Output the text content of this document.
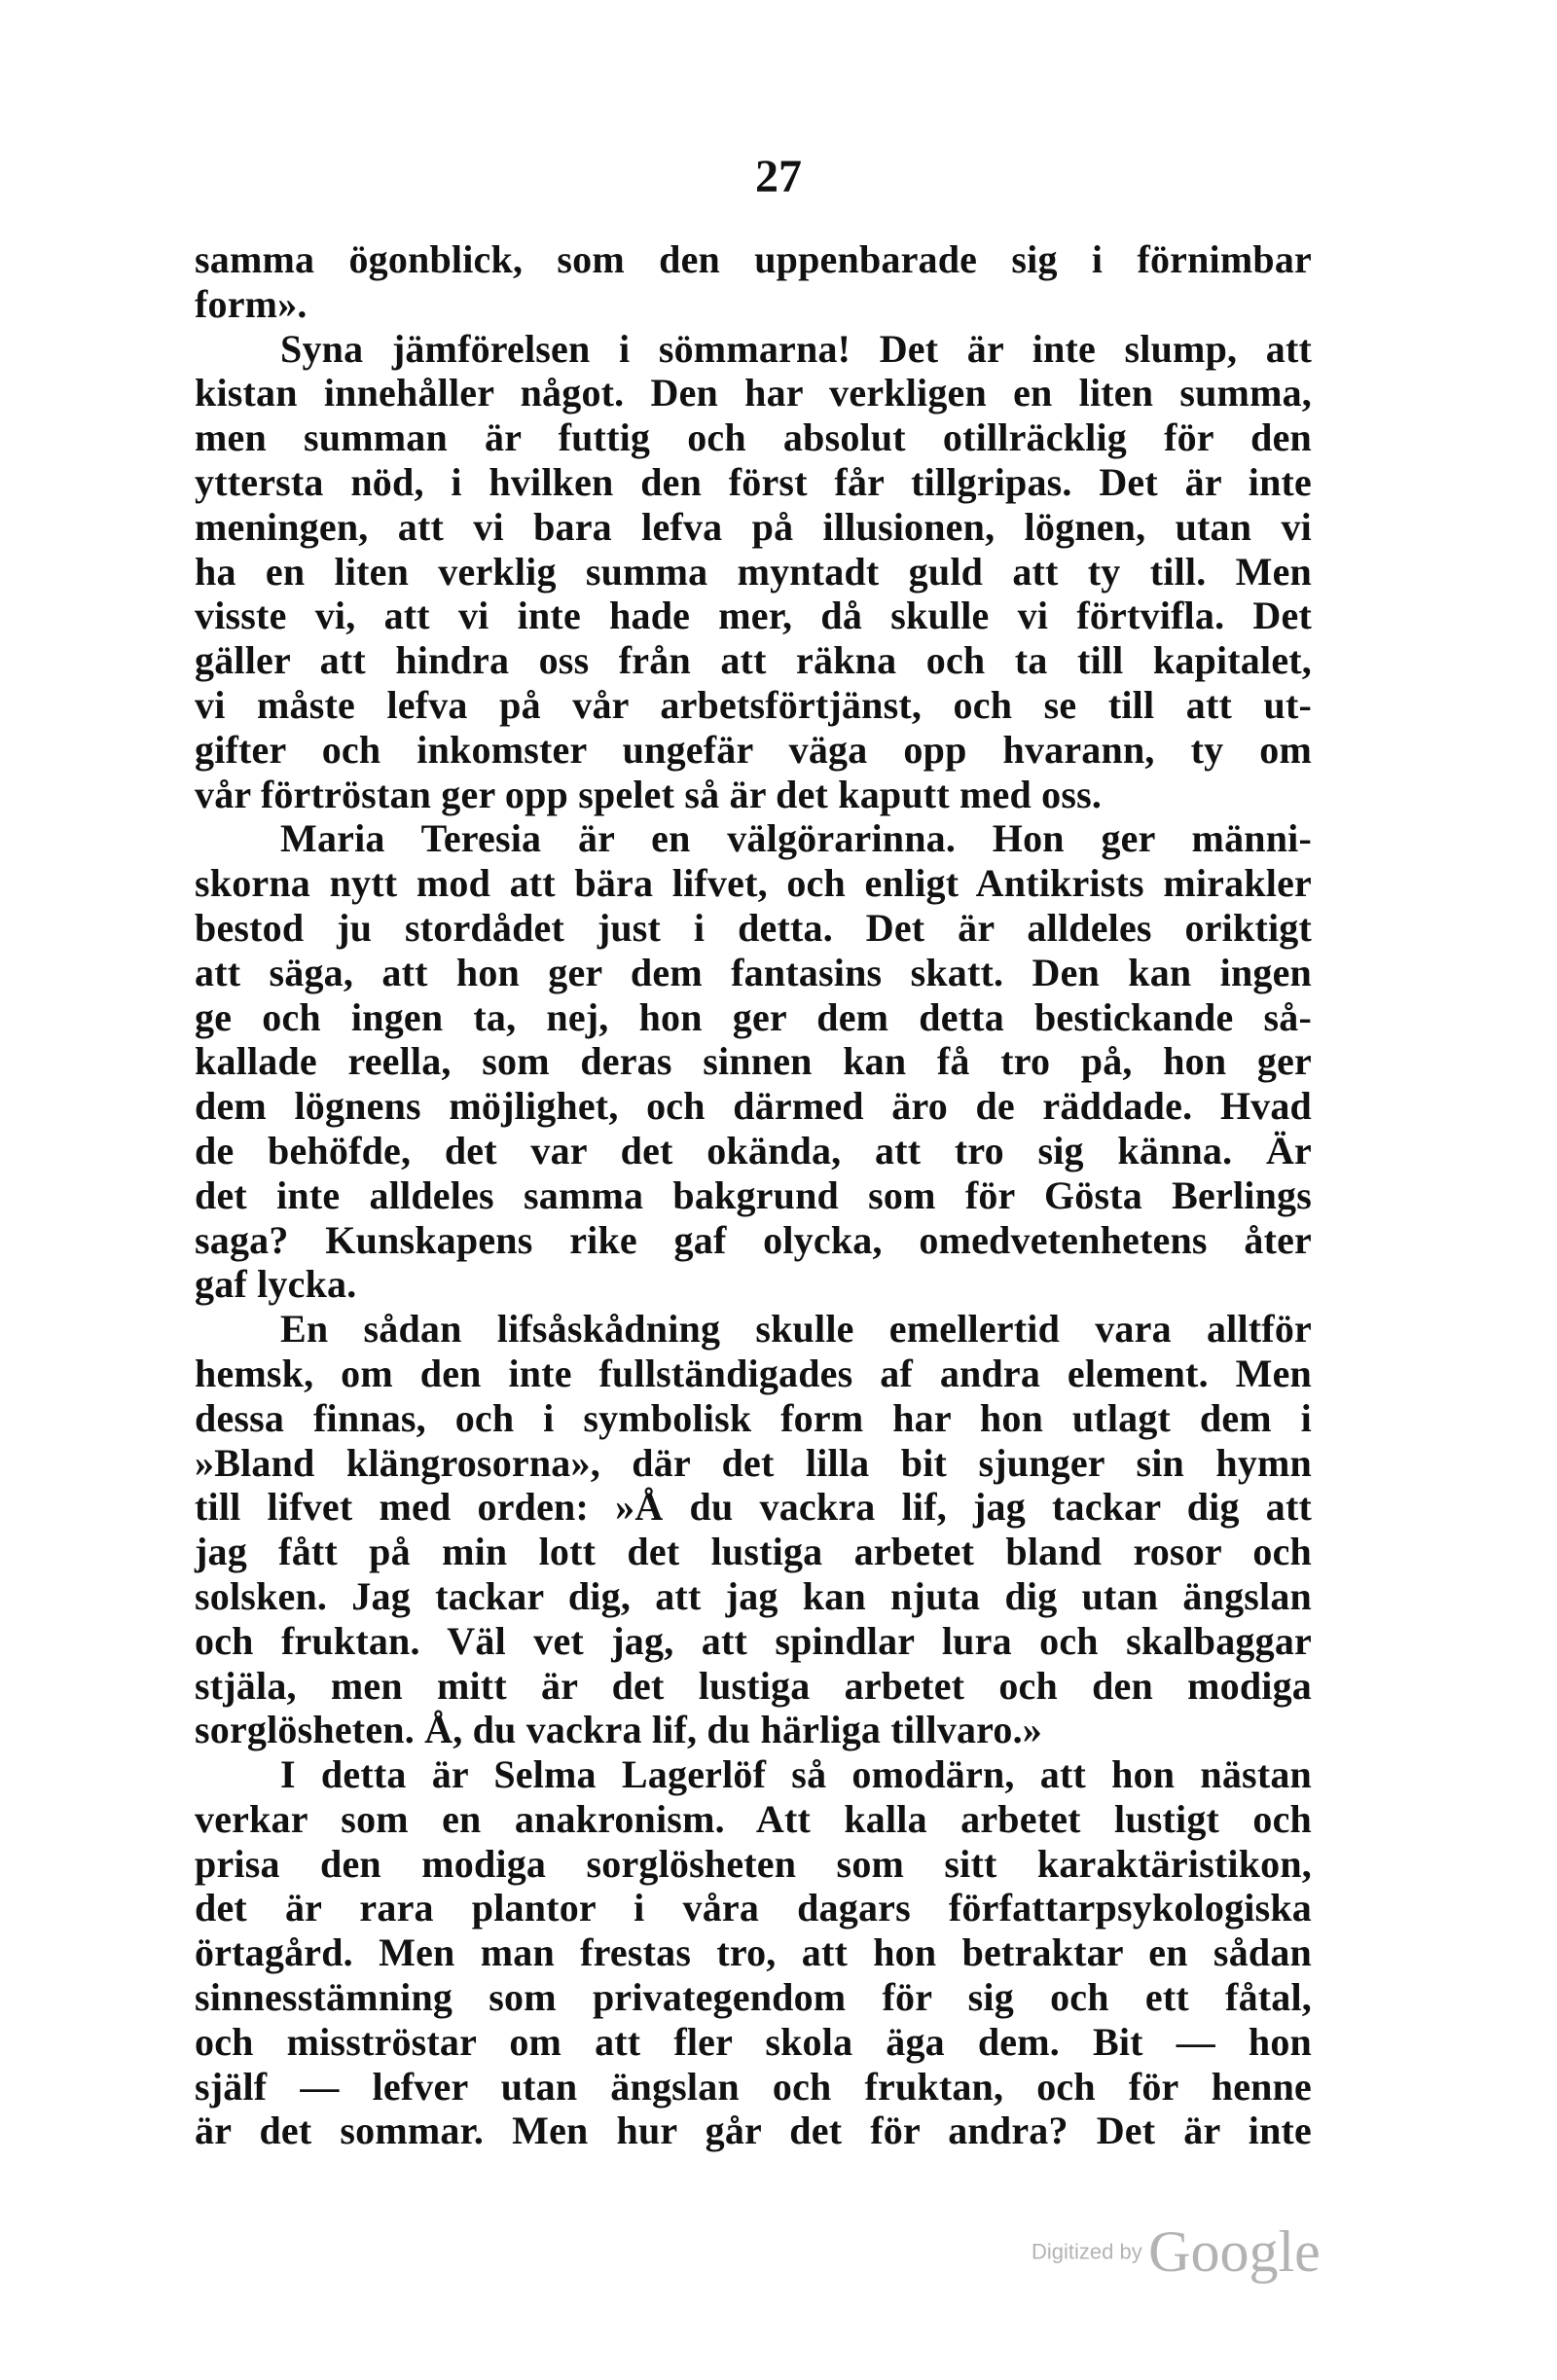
27
samma ögonblick, som den uppenbarade sig i förnimbar
form».
Syna jämförelsen i sömmarna! Det är inte slump, att
kistan innehåller något. Den har verkligen en liten summa,
men summan är futtig och absolut otillräcklig för den
yttersta nöd, i hvilken den först får tillgripas. Det är inte
meningen, att vi bara lefva på illusionen, lögnen, utan vi
ha en liten verklig summa myntadt guld att ty till. Men
visste vi, att vi inte hade mer, då skulle vi förtvifla. Det
gäller att hindra oss från att räkna och ta till kapitalet,
vi måste lefva på vår arbetsförtjänst, och se till att ut-
gifter och inkomster ungefär väga opp hvarann, ty om
vår förtröstan ger opp spelet så är det kaputt med oss.
Maria Teresia är en välgörarinna. Hon ger männi-
skorna nytt mod att bära lifvet, och enligt Antikrists mirakler
bestod ju stordådet just i detta. Det är alldeles oriktigt
att säga, att hon ger dem fantasins skatt. Den kan ingen
ge och ingen ta, nej, hon ger dem detta bestickande så-
kallade reella, som deras sinnen kan få tro på, hon ger
dem lögnens möjlighet, och därmed äro de räddade. Hvad
de behöfde, det var det okända, att tro sig känna. Är
det inte alldeles samma bakgrund som för Gösta Berlings
saga? Kunskapens rike gaf olycka, omedvetenhetens åter
gaf lycka.
En sådan lifsåskådning skulle emellertid vara alltför
hemsk, om den inte fullständigades af andra element. Men
dessa finnas, och i symbolisk form har hon utlagt dem i
»Bland klängrosorna», där det lilla bit sjunger sin hymn
till lifvet med orden: »Å du vackra lif, jag tackar dig att
jag fått på min lott det lustiga arbetet bland rosor och
solsken. Jag tackar dig, att jag kan njuta dig utan ängslan
och fruktan. Väl vet jag, att spindlar lura och skalbaggar
stjäla, men mitt är det lustiga arbetet och den modiga
sorglösheten. Å, du vackra lif, du härliga tillvaro.»
I detta är Selma Lagerlöf så omodärn, att hon nästan
verkar som en anakronism. Att kalla arbetet lustigt och
prisa den modiga sorglösheten som sitt karaktäristikon,
det är rara plantor i våra dagars författarpsykologiska
örtagård. Men man frestas tro, att hon betraktar en sådan
sinnesstämning som privategendom för sig och ett fåtal,
och misströstar om att fler skola äga dem. Bit — hon
själf — lefver utan ängslan och fruktan, och för henne
är det sommar. Men hur går det för andra? Det är inte
Digitized by Google
